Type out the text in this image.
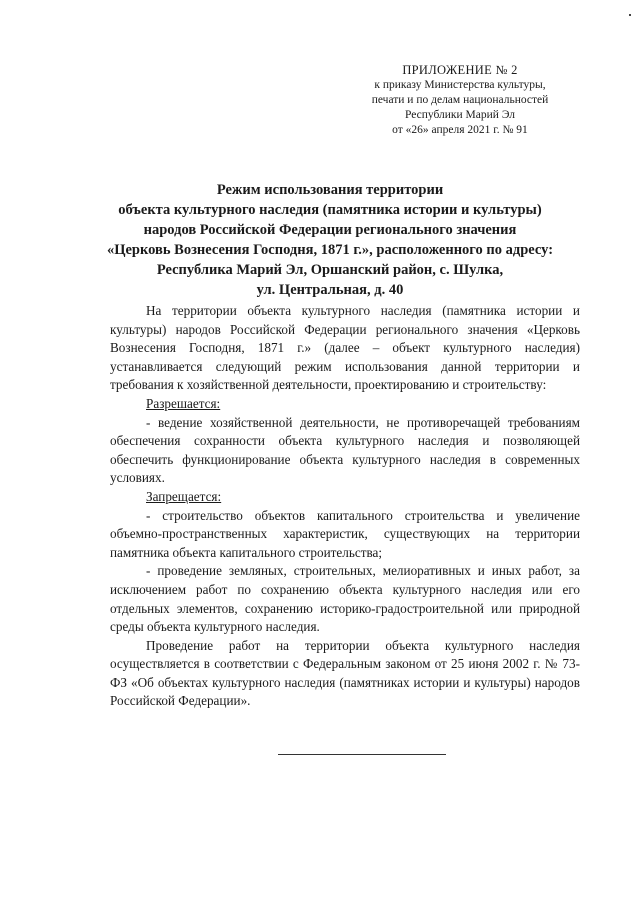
ПРИЛОЖЕНИЕ № 2
к приказу Министерства культуры,
печати и по делам национальностей
Республики Марий Эл
от «26» апреля 2021 г. № 91
Режим использования территории
объекта культурного наследия (памятника истории и культуры)
народов Российской Федерации регионального значения
«Церковь Вознесения Господня, 1871 г.», расположенного по адресу:
Республика Марий Эл, Оршанский район, с. Шулка,
ул. Центральная, д. 40

На территории объекта культурного наследия (памятника истории и культуры) народов Российской Федерации регионального значения «Церковь Вознесения Господня, 1871 г.» (далее – объект культурного наследия) устанавливается следующий режим использования данной территории и требования к хозяйственной деятельности, проектированию и строительству:

Разрешается:

- ведение хозяйственной деятельности, не противоречащей требованиям обеспечения сохранности объекта культурного наследия и позволяющей обеспечить функционирование объекта культурного наследия в современных условиях.

Запрещается:

- строительство объектов капитального строительства и увеличение объемно-пространственных характеристик, существующих на территории памятника объекта капитального строительства;

- проведение земляных, строительных, мелиоративных и иных работ, за исключением работ по сохранению объекта культурного наследия или его отдельных элементов, сохранению историко-градостроительной или природной среды объекта культурного наследия.

Проведение работ на территории объекта культурного наследия осуществляется в соответствии с Федеральным законом от 25 июня 2002 г. № 73-ФЗ «Об объектах культурного наследия (памятниках истории и культуры) народов Российской Федерации».
